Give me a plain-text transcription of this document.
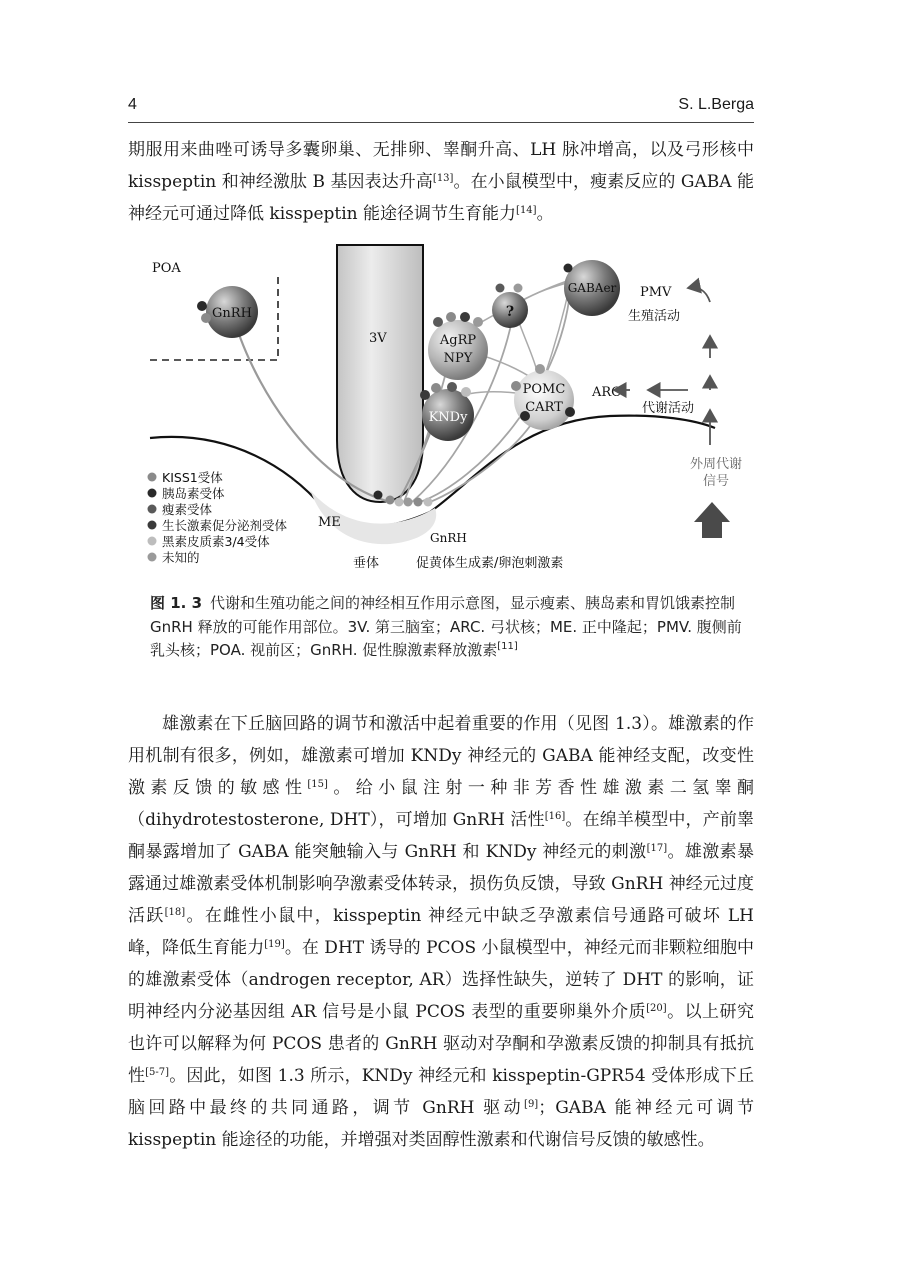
4	S. L.Berga

期服用来曲唑可诱导多囊卵巢、无排卵、睾酮升高、LH 脉冲增高，以及弓形核中 kisspeptin 和神经激肽 B 基因表达升高[13]。在小鼠模型中，瘦素反应的 GABA 能神经元可通过降低 kisspeptin 能途径调节生育能力[14]。

GnRH
AgRP
NPY
?
GABAer
KNDy
POMC
CART
POA
3V
PMV
生殖活动
ARC
代谢活动
外周代谢
信号
ME
GnRH
垂体	促黄体生成素/卵泡刺激素
KISS1受体
胰岛素受体
瘦素受体
生长激素促分泌剂受体
黑素皮质素3/4受体
未知的

图 1. 3 代谢和生殖功能之间的神经相互作用示意图，显示瘦素、胰岛素和胃饥饿素控制 GnRH 释放的可能作用部位。3V. 第三脑室；ARC. 弓状核；ME. 正中隆起；PMV. 腹侧前乳头核；POA. 视前区；GnRH. 促性腺激素释放激素[11]

雄激素在下丘脑回路的调节和激活中起着重要的作用（见图 1.3）。雄激素的作用机制有很多，例如，雄激素可增加 KNDy 神经元的 GABA 能神经支配，改变性激素反馈的敏感性[15]。给小鼠注射一种非芳香性雄激素二氢睾酮（dihydrotestosterone, DHT），可增加 GnRH 活性[16]。在绵羊模型中，产前睾酮暴露增加了 GABA 能突触输入与 GnRH 和 KNDy 神经元的刺激[17]。雄激素暴露通过雄激素受体机制影响孕激素受体转录，损伤负反馈，导致 GnRH 神经元过度活跃[18]。在雌性小鼠中，kisspeptin 神经元中缺乏孕激素信号通路可破坏 LH 峰，降低生育能力[19]。在 DHT 诱导的 PCOS 小鼠模型中，神经元而非颗粒细胞中的雄激素受体（androgen receptor, AR）选择性缺失，逆转了 DHT 的影响，证明神经内分泌基因组 AR 信号是小鼠 PCOS 表型的重要卵巢外介质[20]。以上研究也许可以解释为何 PCOS 患者的 GnRH 驱动对孕酮和孕激素反馈的抑制具有抵抗性[5-7]。因此，如图 1.3 所示，KNDy 神经元和 kisspeptin-GPR54 受体形成下丘脑回路中最终的共同通路，调节 GnRH 驱动[9]；GABA 能神经元可调节 kisspeptin 能途径的功能，并增强对类固醇性激素和代谢信号反馈的敏感性。
